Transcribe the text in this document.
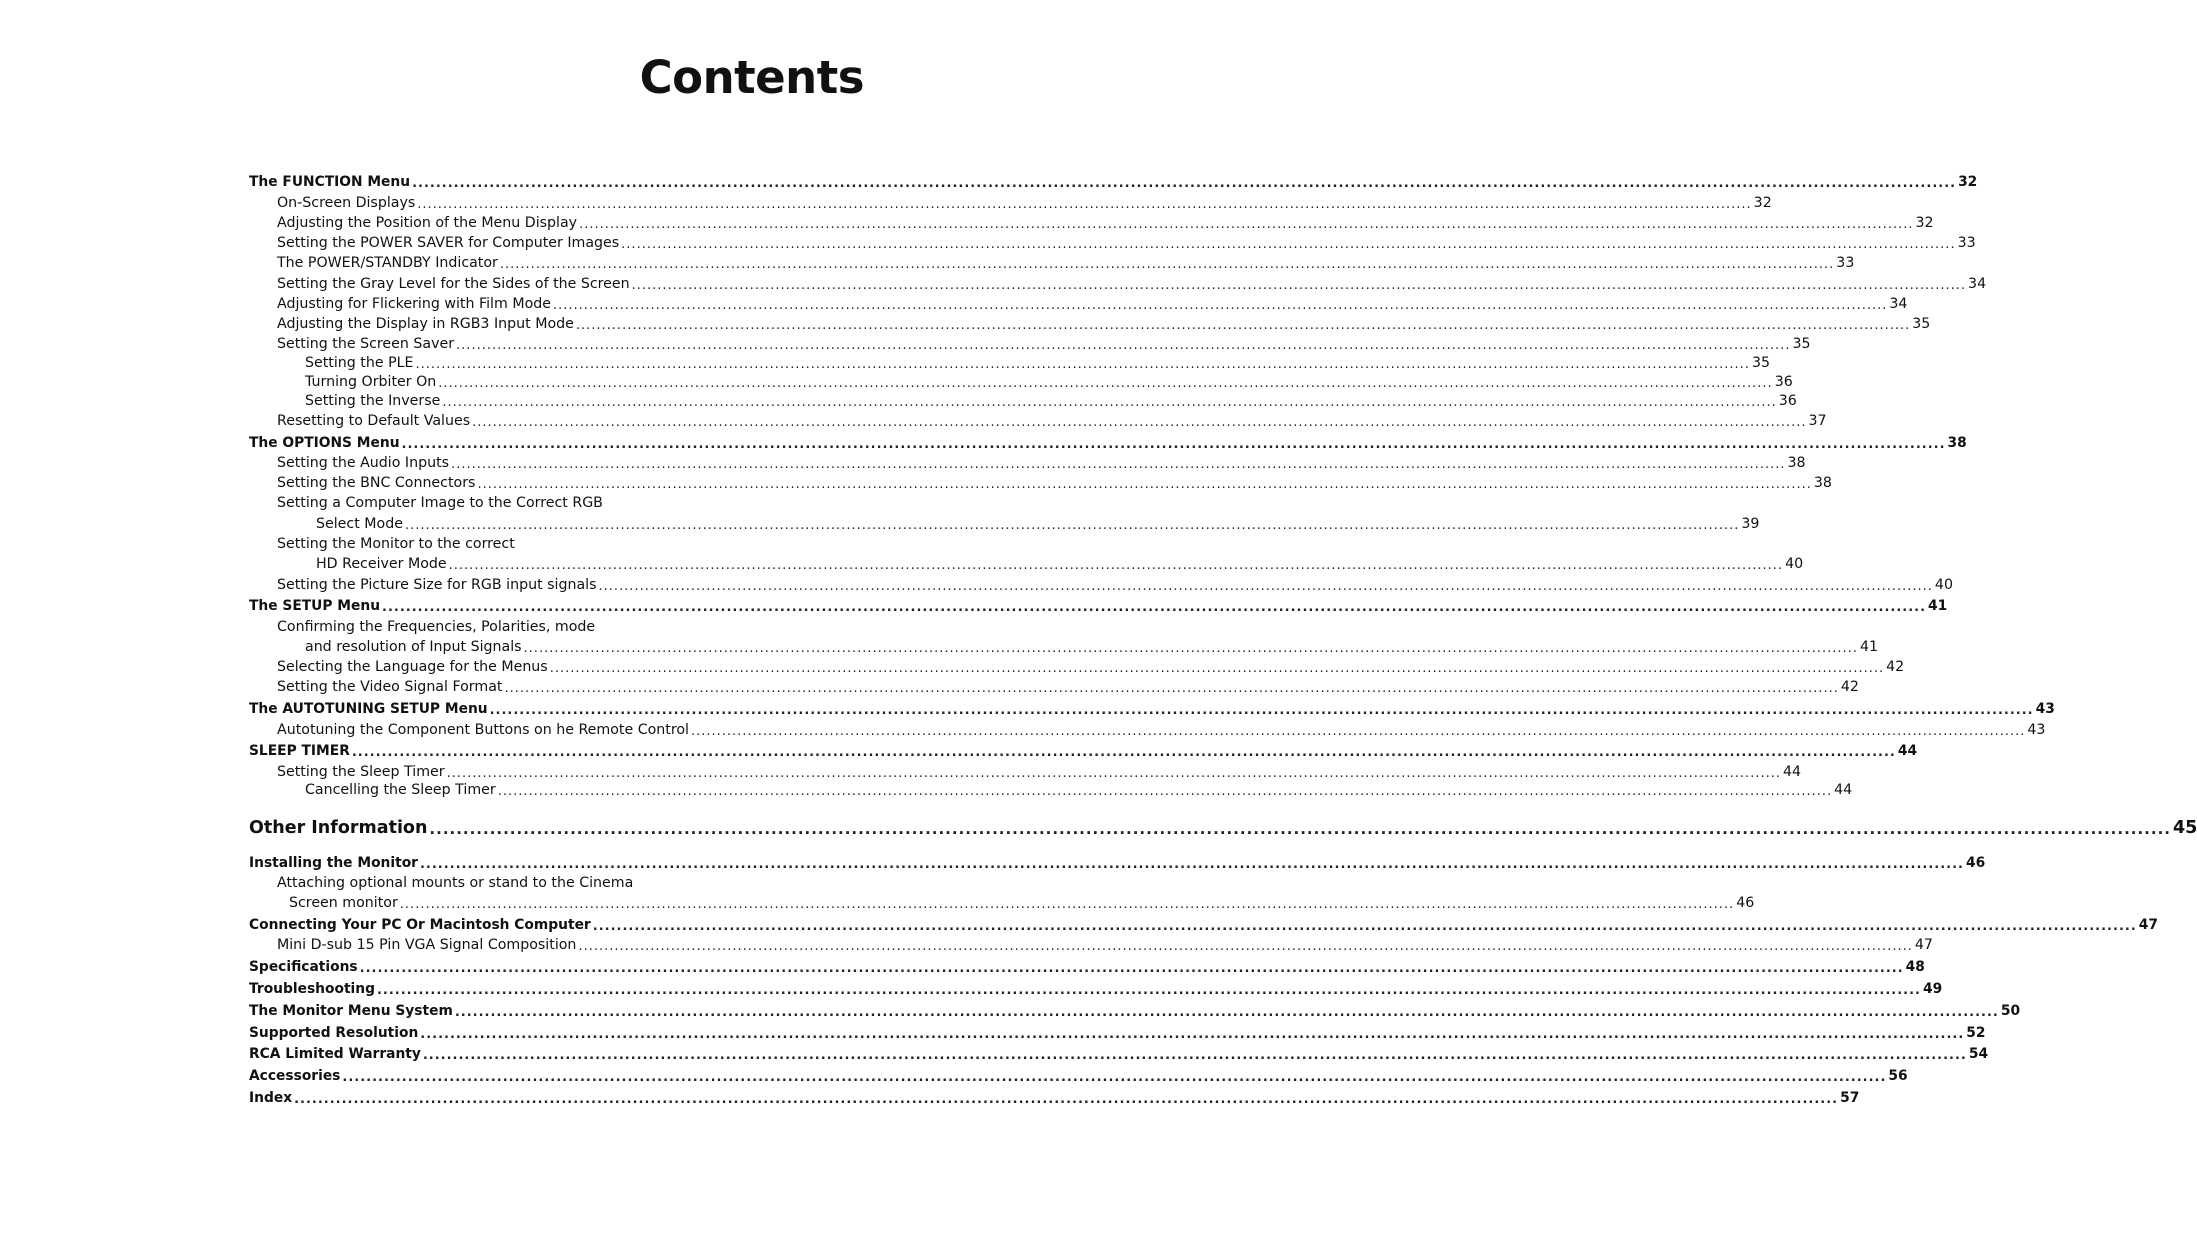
Contents
The FUNCTION Menu .................................................................................................................................................................................................................................................................... 32
On-Screen Displays .................................................................................................................................................................................................................................................................... 32
Adjusting the Position of the Menu Display .................................................................................................................................................................................................................................................................... 32
Setting the POWER SAVER for Computer Images .................................................................................................................................................................................................................................................................... 33
The POWER/STANDBY Indicator .................................................................................................................................................................................................................................................................... 33
Setting the Gray Level for the Sides of the Screen .................................................................................................................................................................................................................................................................... 34
Adjusting for Flickering with Film Mode .................................................................................................................................................................................................................................................................... 34
Adjusting the Display in RGB3 Input Mode .................................................................................................................................................................................................................................................................... 35
Setting the Screen Saver .................................................................................................................................................................................................................................................................... 35
Setting the PLE .................................................................................................................................................................................................................................................................... 35
Turning Orbiter On .................................................................................................................................................................................................................................................................... 36
Setting the Inverse .................................................................................................................................................................................................................................................................... 36
Resetting to Default Values .................................................................................................................................................................................................................................................................... 37
The OPTIONS Menu .................................................................................................................................................................................................................................................................... 38
Setting the Audio Inputs .................................................................................................................................................................................................................................................................... 38
Setting the BNC Connectors .................................................................................................................................................................................................................................................................... 38
Setting a Computer Image to the Correct RGB
Select Mode .................................................................................................................................................................................................................................................................... 39
Setting the Monitor to the correct
HD Receiver Mode .................................................................................................................................................................................................................................................................... 40
Setting the Picture Size for RGB input signals .................................................................................................................................................................................................................................................................... 40
The SETUP Menu .................................................................................................................................................................................................................................................................... 41
Confirming the Frequencies, Polarities, mode
and resolution of Input Signals .................................................................................................................................................................................................................................................................... 41
Selecting the Language for the Menus .................................................................................................................................................................................................................................................................... 42
Setting the Video Signal Format .................................................................................................................................................................................................................................................................... 42
The AUTOTUNING SETUP Menu .................................................................................................................................................................................................................................................................... 43
Autotuning the Component Buttons on he Remote Control .................................................................................................................................................................................................................................................................... 43
SLEEP TIMER .................................................................................................................................................................................................................................................................... 44
Setting the Sleep Timer .................................................................................................................................................................................................................................................................... 44
Cancelling the Sleep Timer .................................................................................................................................................................................................................................................................... 44
Other Information .................................................................................................................................................................................................................................................................... 45
Installing the Monitor .................................................................................................................................................................................................................................................................... 46
Attaching optional mounts or stand to the Cinema
Screen monitor .................................................................................................................................................................................................................................................................... 46
Connecting Your PC Or Macintosh Computer .................................................................................................................................................................................................................................................................... 47
Mini D-sub 15 Pin VGA Signal Composition .................................................................................................................................................................................................................................................................... 47
Specifications .................................................................................................................................................................................................................................................................... 48
Troubleshooting .................................................................................................................................................................................................................................................................... 49
The Monitor Menu System .................................................................................................................................................................................................................................................................... 50
Supported Resolution .................................................................................................................................................................................................................................................................... 52
RCA Limited Warranty .................................................................................................................................................................................................................................................................... 54
Accessories .................................................................................................................................................................................................................................................................... 56
Index .................................................................................................................................................................................................................................................................... 57
